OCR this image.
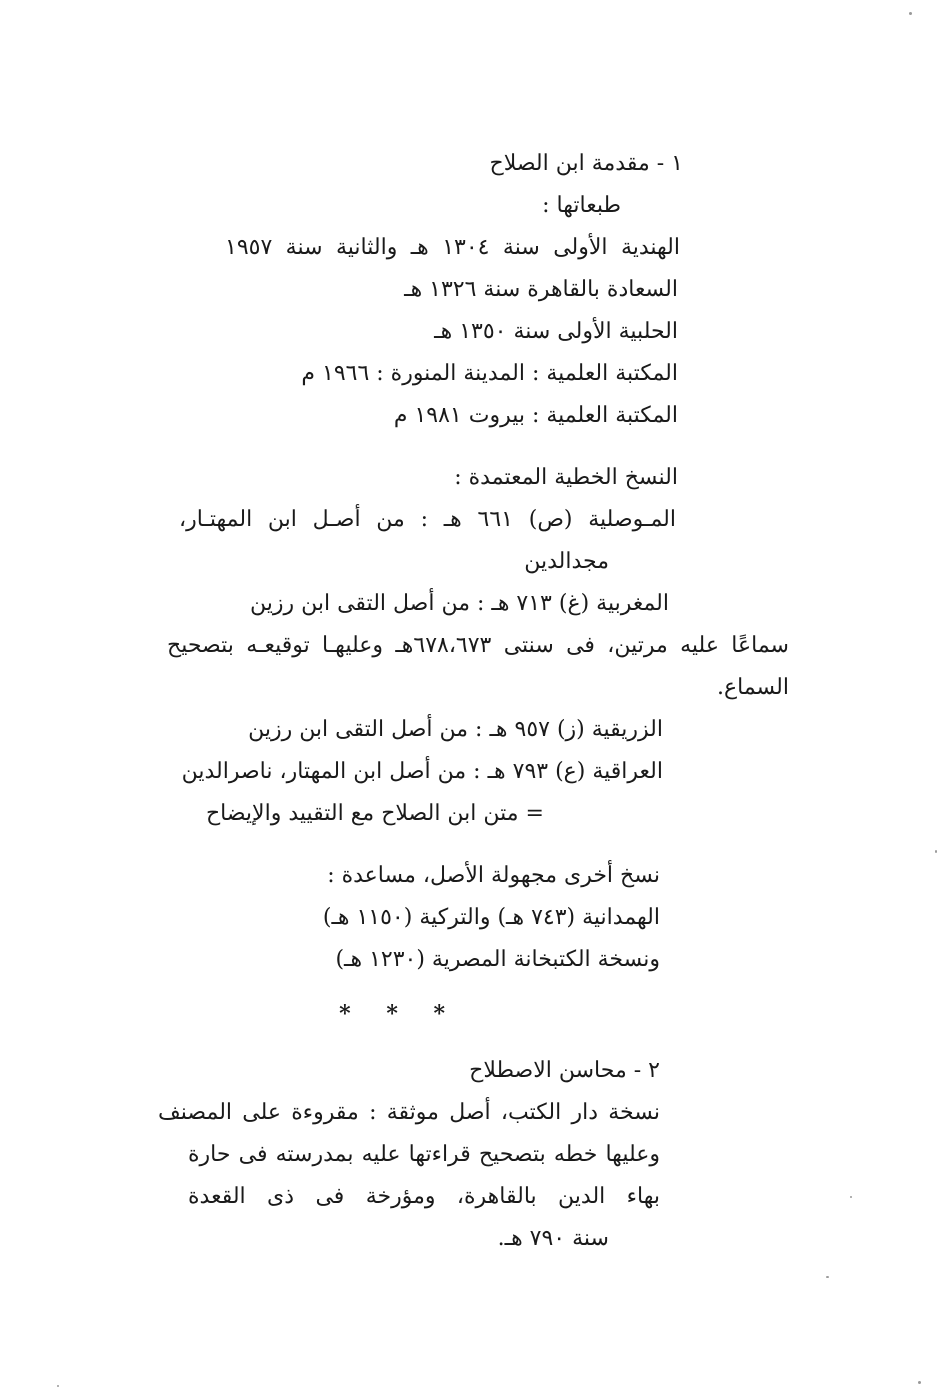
١ - مقدمة ابن الصلاح
طبعاتها :
الهندية الأولى سنة ١٣٠٤ هـ والثانية سنة ١٩٥٧
السعادة بالقاهرة سنة ١٣٢٦ هـ
الحلبية الأولى سنة ١٣٥٠ هـ
المكتبة العلمية : المدينة المنورة : ١٩٦٦ م
المكتبة العلمية : بيروت ١٩٨١ م
النسخ الخطية المعتمدة :
المـوصلية (ص) ٦٦١ هـ : من أصـل ابن المهتـار،
مجدالدين
المغربية (غ) ٧١٣ هـ : من أصل التقى ابن رزين
سماعًا عليه مرتين، فى سنتى ٦٧٨،٦٧٣هـ وعليهـا توقيعـه بتصحيح
السماع.
الزريقية (ز) ٩٥٧ هـ : من أصل التقى ابن رزين
العراقية (ع) ٧٩٣ هـ : من أصل ابن المهتار، ناصرالدين
= متن ابن الصلاح مع التقييد والإيضاح
نسخ أخرى مجهولة الأصل، مساعدة :
الهمدانية (٧٤٣ هـ) والتركية (١١٥٠ هـ)
ونسخة الكتبخانة المصرية (١٢٣٠ هـ)
* * *
٢ - محاسن الاصطلاح
نسخة دار الكتب، أصل موثقة : مقروءة على المصنف
وعليها خطه بتصحيح قراءتها عليه بمدرسته فى حارة
بهاء الدين بالقاهرة، ومؤرخة فى ذى القعدة
سنة ٧٩٠ هـ.
